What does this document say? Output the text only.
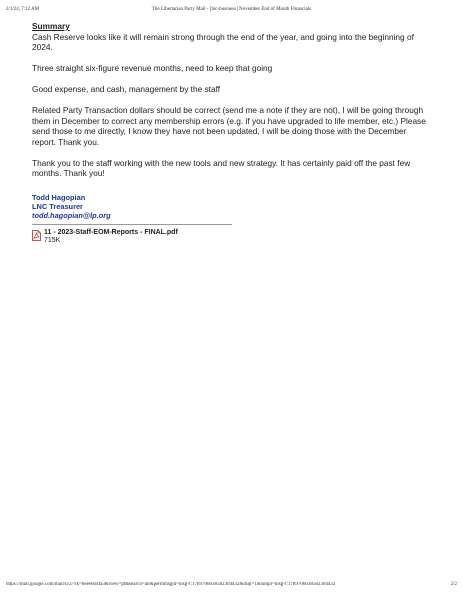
2/1/24, 7:12 AM	The Libertarian Party Mail - [lnc-business] November End of Month Financials
Summary

Cash Reserve looks like it will remain strong through the end of the year, and going into the beginning of 2024.

Three straight six-figure revenue months, need to keep that going

Good expense, and cash, management by the staff

Related Party Transaction dollars should be correct (send me a note if they are not), I will be going through them in December to correct any membership errors (e.g. if you have upgraded to life member, etc.) Please send those to me directly, I know they have not been updated, I will be doing those with the December report. Thank you.

Thank you to the staff working with the new tools and new strategy. It has certainly paid off the past few months. Thank you!

Todd Hagopian
LNC Treasurer
todd.hagopian@lp.org
11 - 2023-Staff-EOM-Reports - FINAL.pdf
715K
https://mail.google.com/mail/u/2/?ik=8eee664fa3&view=pt&search=all&permmsgid=msg-f:1789706038582304432&dsqt=1&simpl=msg-f:1789706038582304432	2/2
